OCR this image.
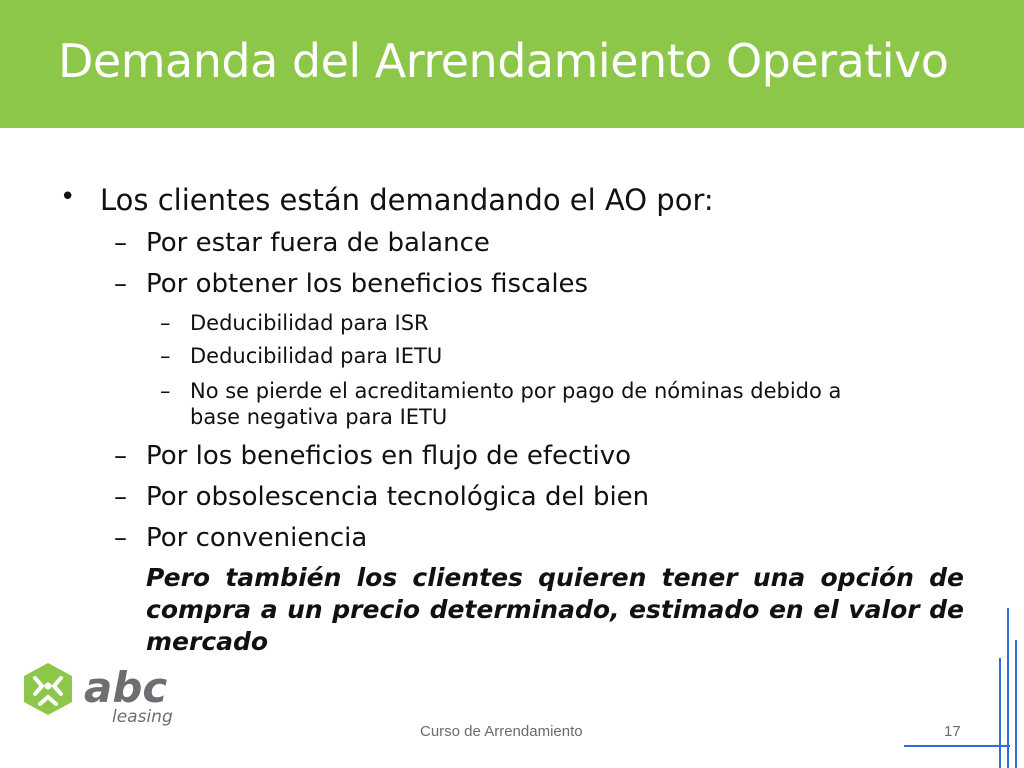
Demanda del Arrendamiento Operativo
• Los clientes están demandando el AO por:
– Por estar fuera de balance
– Por obtener los beneficios fiscales
– Deducibilidad para ISR
– Deducibilidad para IETU
– No se pierde el acreditamiento por pago de nóminas debido a
base negativa para IETU
– Por los beneficios en flujo de efectivo
– Por obsolescencia tecnológica del bien
– Por conveniencia
Pero también los clientes quieren tener una opción de compra a un precio determinado, estimado en el valor de mercado
abc
leasing
Curso de Arrendamiento	17
